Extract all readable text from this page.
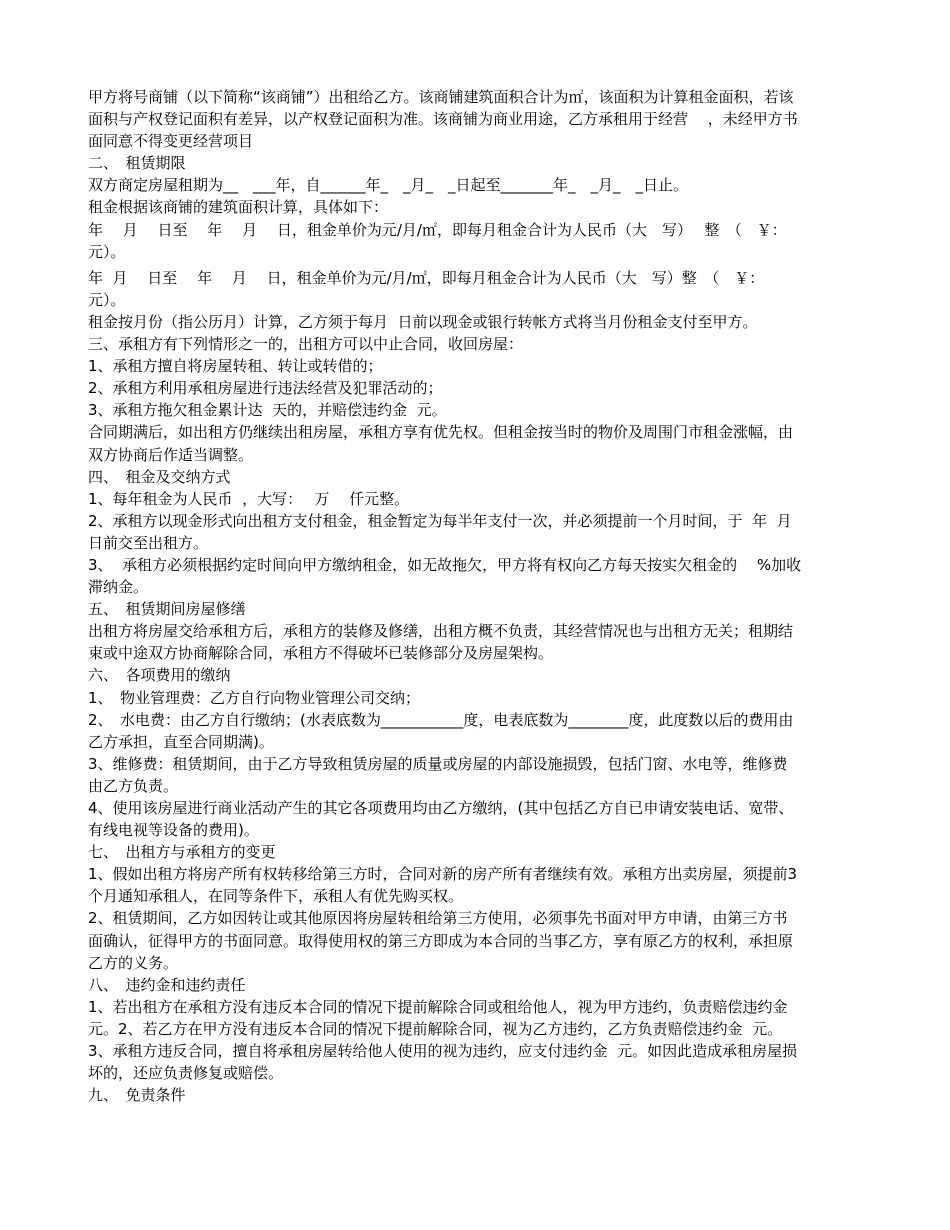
甲方将号商铺（以下简称“该商铺”）出租给乙方。该商铺建筑面积合计为㎡，该面积为计算租金面积，若该
面积与产权登记面积有差异，以产权登记面积为准。该商铺为商业用途，乙方承租用于经营　 ，未经甲方书
面同意不得变更经营项目
二、　租赁期限
双方商定房屋租期为__　___年，自______年_　_月_　_日起至_______年_　_月_　_日止。
租金根据该商铺的建筑面积计算，具体如下：
年　 月　 日至　 年　 月　 日，租金单价为元/月/㎡，即每月租金合计为人民币（大　写）　 整　（　￥：
元）。
年  月　 日至　 年　 月　 日，租金单价为元/月/㎡，即每月租金合计为人民币（大　写）整　（　￥：
元）。
租金按月份（指公历月）计算，乙方须于每月  日前以现金或银行转帐方式将当月份租金支付至甲方。
三、承租方有下列情形之一的，出租方可以中止合同，收回房屋：
1、承租方擅自将房屋转租、转让或转借的；
2、承租方利用承租房屋进行违法经营及犯罪活动的；
3、承租方拖欠租金累计达  天的，并赔偿违约金  元。
合同期满后，如出租方仍继续出租房屋，承租方享有优先权。但租金按当时的物价及周围门市租金涨幅，由
双方协商后作适当调整。
四、　租金及交纳方式
1、每年租金为人民币  ，大写：　 万　 仟元整。
2、承租方以现金形式向出租方支付租金，租金暂定为每半年支付一次，并必须提前一个月时间，于  年  月
日前交至出租方。
3、  承租方必须根据约定时间向甲方缴纳租金，如无故拖欠，甲方将有权向乙方每天按实欠租金的　 %加收
滞纳金。
五、　租赁期间房屋修缮
出租方将房屋交给承租方后，承租方的装修及修缮，出租方概不负责，其经营情况也与出租方无关；租期结
束或中途双方协商解除合同，承租方不得破坏已装修部分及房屋架构。
六、　各项费用的缴纳
1、　物业管理费：乙方自行向物业管理公司交纳；
2、　水电费：由乙方自行缴纳；(水表底数为___________度，电表底数为________度，此度数以后的费用由
乙方承担，直至合同期满)。
3、维修费：租赁期间，由于乙方导致租赁房屋的质量或房屋的内部设施损毁，包括门窗、水电等，维修费
由乙方负责。
4、使用该房屋进行商业活动产生的其它各项费用均由乙方缴纳，(其中包括乙方自已申请安装电话、宽带、
有线电视等设备的费用)。
七、　出租方与承租方的变更
1、假如出租方将房产所有权转移给第三方时，合同对新的房产所有者继续有效。承租方出卖房屋，须提前3
个月通知承租人，在同等条件下，承租人有优先购买权。
2、租赁期间，乙方如因转让或其他原因将房屋转租给第三方使用，必须事先书面对甲方申请，由第三方书
面确认，征得甲方的书面同意。取得使用权的第三方即成为本合同的当事乙方，享有原乙方的权利，承担原
乙方的义务。
八、　违约金和违约责任
1、若出租方在承租方没有违反本合同的情况下提前解除合同或租给他人，视为甲方违约，负责赔偿违约金
元。2、若乙方在甲方没有违反本合同的情况下提前解除合同，视为乙方违约，乙方负责赔偿违约金  元。
3、承租方违反合同，擅自将承租房屋转给他人使用的视为违约，应支付违约金  元。如因此造成承租房屋损
坏的，还应负责修复或赔偿。
九、　免责条件
